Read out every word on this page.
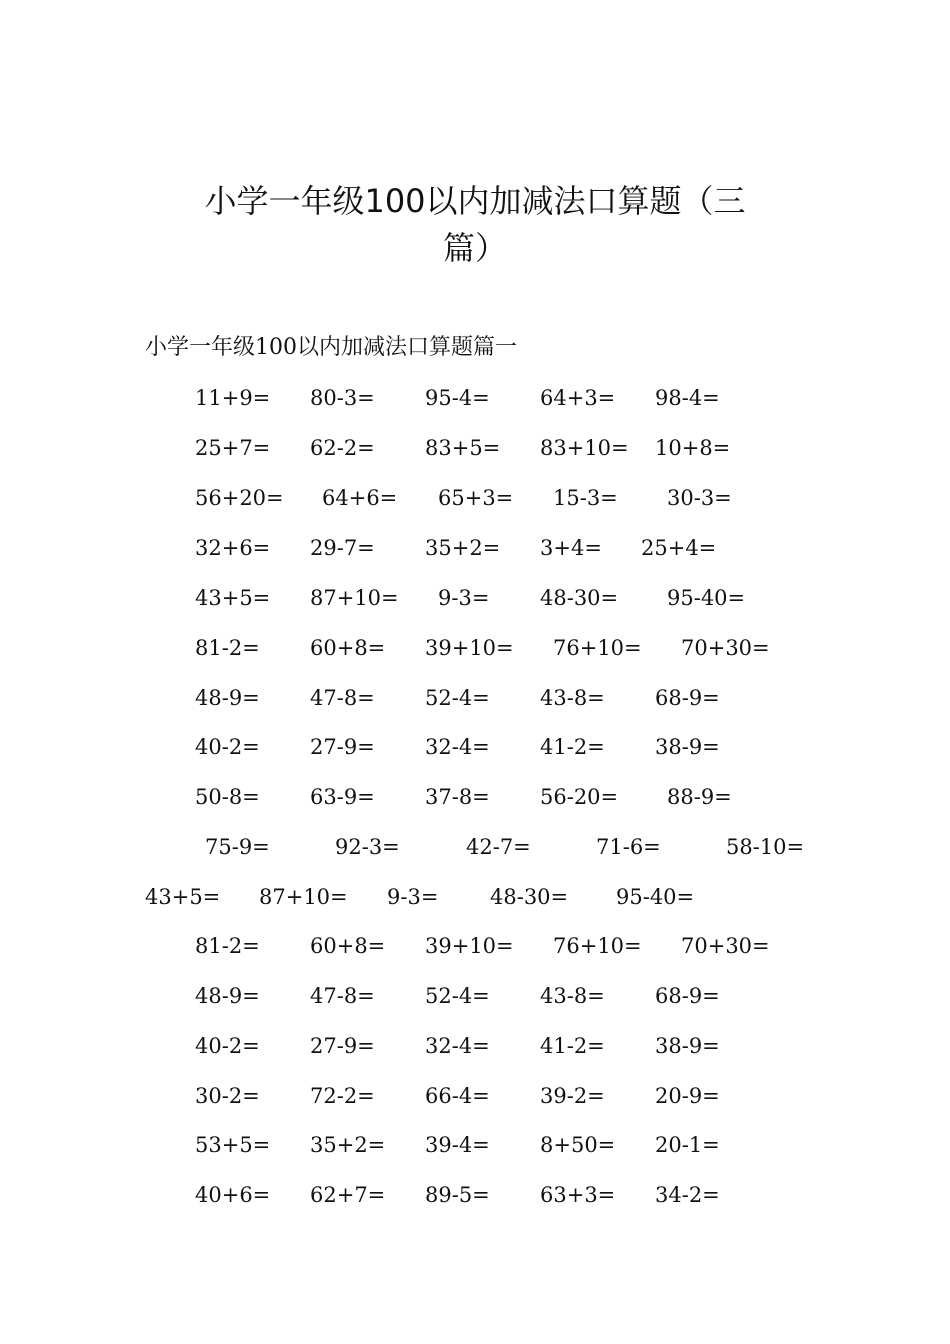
小学一年级100以内加减法口算题（三
篇）
小学一年级100以内加减法口算题篇一
11+9= 80-3= 95-4= 64+3= 98-4=
25+7= 62-2= 83+5= 83+10= 10+8=
56+20= 64+6= 65+3= 15-3= 30-3=
32+6= 29-7= 35+2= 3+4= 25+4=
43+5= 87+10= 9-3= 48-30= 95-40=
81-2= 60+8= 39+10= 76+10= 70+30=
48-9= 47-8= 52-4= 43-8= 68-9=
40-2= 27-9= 32-4= 41-2= 38-9=
50-8= 63-9= 37-8= 56-20= 88-9=
75-9=	92-3=	42-7=	71-6=	58-10=
43+5= 87+10= 9-3= 48-30= 95-40=
81-2= 60+8= 39+10= 76+10= 70+30=
48-9= 47-8= 52-4= 43-8= 68-9=
40-2= 27-9= 32-4= 41-2= 38-9=
30-2= 72-2= 66-4= 39-2= 20-9=
53+5= 35+2= 39-4= 8+50= 20-1=
40+6= 62+7= 89-5= 63+3= 34-2=
